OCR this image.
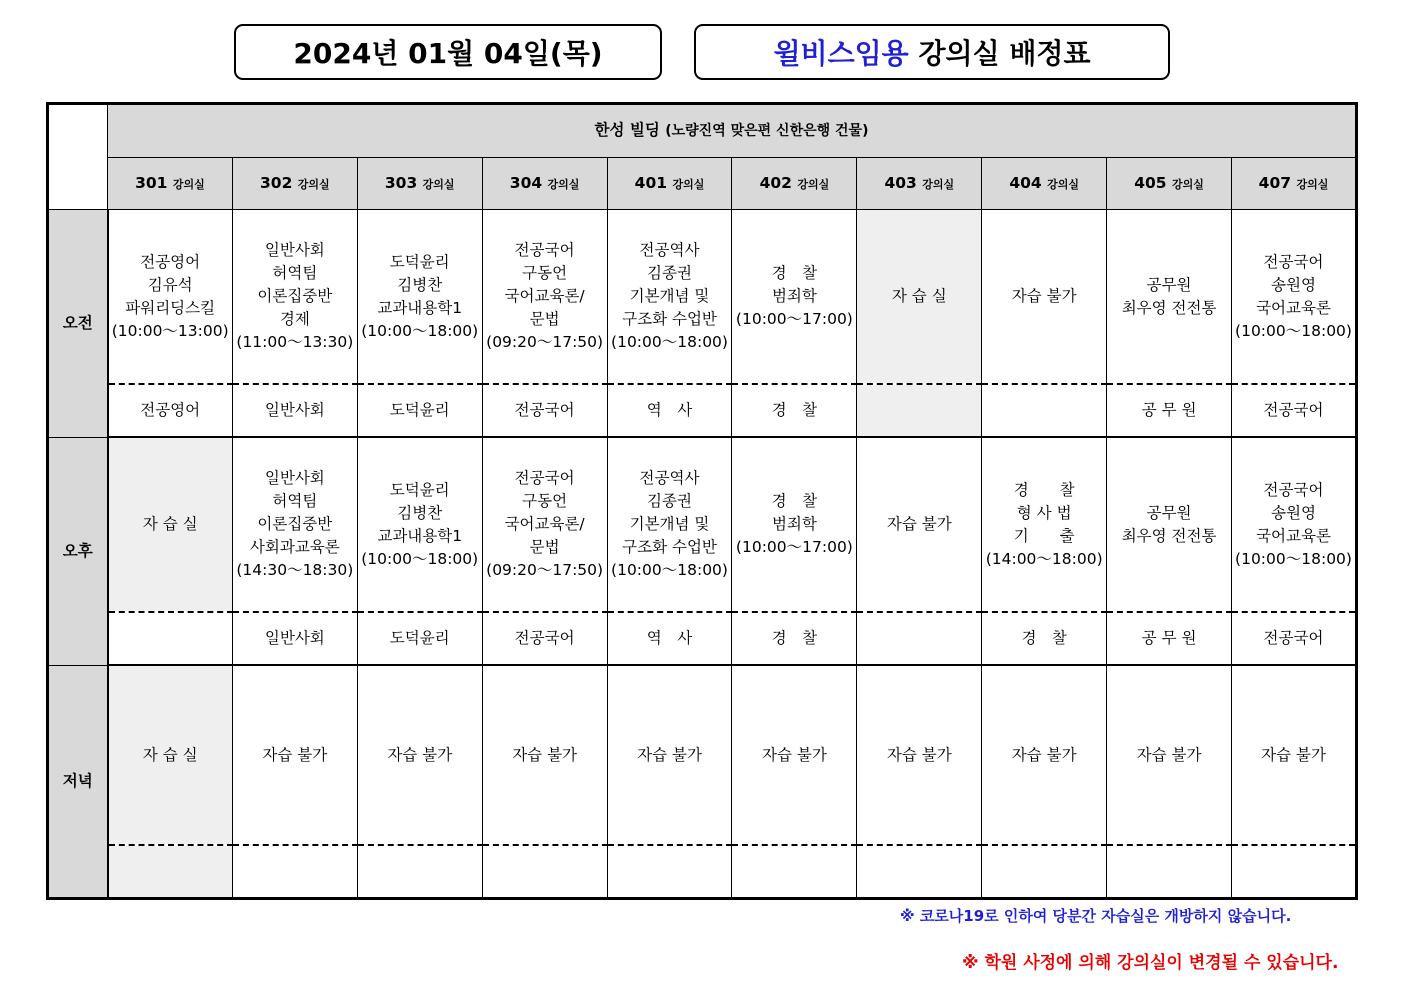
2024년 01월 04일(목)	윌비스임용
강의실 배정표
	한성 빌딩 (노량진역 맞은편 신한은행 건물)									
	301 강의실	302 강의실	303 강의실	304 강의실	401 강의실	402 강의실	403 강의실	404 강의실	405 강의실	407 강의실
오전	전공영어
김유석
파워리딩스킬
(10:00～13:00)	일반사회
허역팀
이론집중반
경제
(11:00～13:30)	도덕윤리
김병찬
교과내용학1
(10:00～18:00)	전공국어
구동언
국어교육론/
문법
(09:20～17:50)	전공역사
김종권
기본개념 및
구조화 수업반
(10:00～18:00)	경　찰
범죄학
(10:00～17:00)	자 습 실	자습 불가	공무원
최우영 전전통	전공국어
송원영
국어교육론
(10:00～18:00)

	전공영어	일반사회	도덕윤리	전공국어	역　사	경　찰			공 무 원	전공국어
오후	자 습 실	일반사회
허역팀
이론집중반
사회과교육론
(14:30～18:30)	도덕윤리
김병찬
교과내용학1
(10:00～18:00)	전공국어
구동언
국어교육론/
문법
(09:20～17:50)	전공역사
김종권
기본개념 및
구조화 수업반
(10:00～18:00)	경　찰
범죄학
(10:00～17:00)	자습 불가	경　　찰
형 사 법
기　　출
(14:00～18:00)	공무원
최우영 전전통	전공국어
송원영
국어교육론
(10:00～18:00)

		일반사회	도덕윤리	전공국어	역　사	경　찰		경　찰	공 무 원	전공국어
저녁	자 습 실	자습 불가	자습 불가	자습 불가	자습 불가	자습 불가	자습 불가	자습 불가	자습 불가	자습 불가

※ 코로나19로 인하여 당분간 자습실은 개방하지 않습니다.
※ 학원 사정에 의해 강의실이 변경될 수 있습니다.
